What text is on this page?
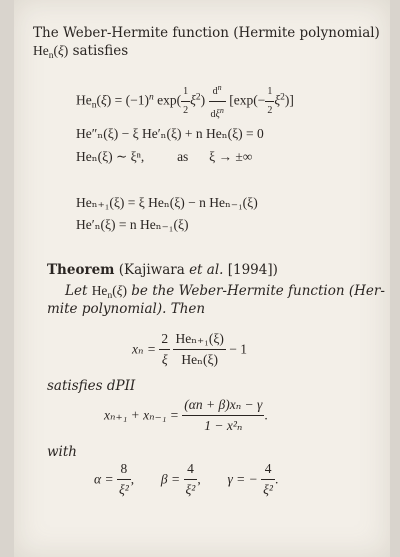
The Weber-Hermite function (Hermite polynomial)
$He_n(\xi)$ satisfies
$He_n(\xi) = (-1)^n$ $\exp( \frac{1}{2} \xi^2) \frac{d^n}{d\xi^n} [\exp(- \frac{1}{2} \xi^2)]$
He″ₙ(ξ) − ξ He′ₙ(ξ) + n Heₙ(ξ) = 0
Heₙ(ξ) ∼ ξⁿ, as ξ → ±∞
Heₙ₊₁(ξ) = ξ Heₙ(ξ) − n Heₙ₋₁(ξ)
He′ₙ(ξ) = n Heₙ₋₁(ξ)
Theorem (Kajiwara et al. [1994])
Let $He_n(\xi)$ be the Weber-Hermite function (Her-
mite polynomial). Then
$x_n = \frac{2}{\xi}$
$\frac{\text{Heₙ₊₁(ξ)}}{\text{Heₙ(ξ)}} - 1$
satisfies dPII
$x_{n+1} + x_{n-1} = \frac{\text{(αn + β)xₙ − γ}}{\text{1 − x²ₙ}}$ .
with
$\alpha = \frac{8}{\text{ξ²}}$ , $\beta = \frac{4}{\text{ξ²}}$ , γ = − $\frac{4}{\text{ξ²}}$ .
